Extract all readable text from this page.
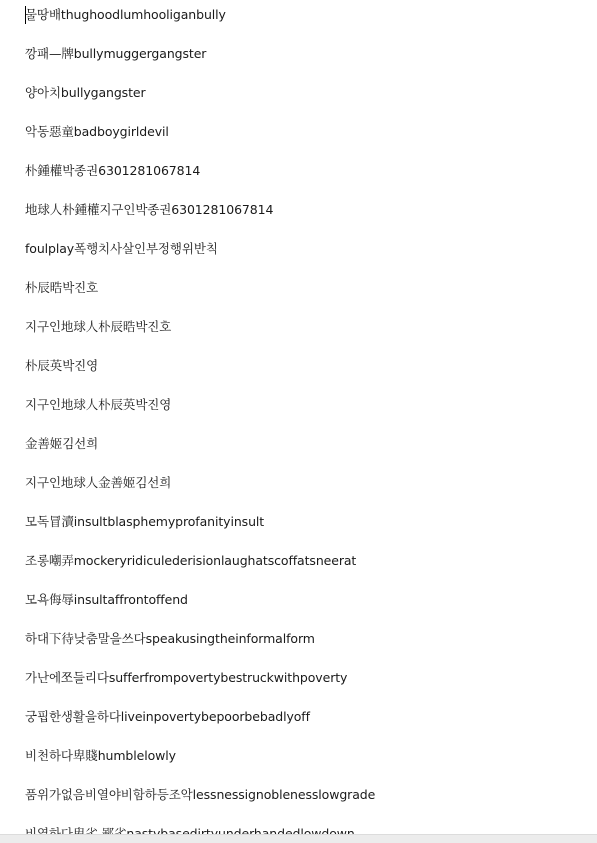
물땅배thughoodlumhooliganbully
깡패—牌bullymuggergangster
양아치bullygangster
악동惡童badboygirldevil
朴鍾權박종권6301281067814
地球人朴鍾權지구인박종권6301281067814
foulplay폭행치사살인부정행위반칙
朴辰晧박진호
지구인地球人朴辰晧박진호
朴辰英박진영
지구인地球人朴辰英박진영
金善姬김선희
지구인地球人金善姬김선희
모독冒瀆insultblasphemyprofanityinsult
조롱嘲弄mockeryridiculederisionlaughatscoffatsneerat
모욕侮辱insultaffrontoffend
하대下待낮춤말을쓰다speakusingtheinformalform
가난에쪼들리다sufferfrompovertybestruckwithpoverty
궁핍한생활을하다liveinpovertybepoorbebadlyoff
비천하다卑賤humblelowly
품위가없음비열야비함하등조악lessnessignoblenesslowgrade
